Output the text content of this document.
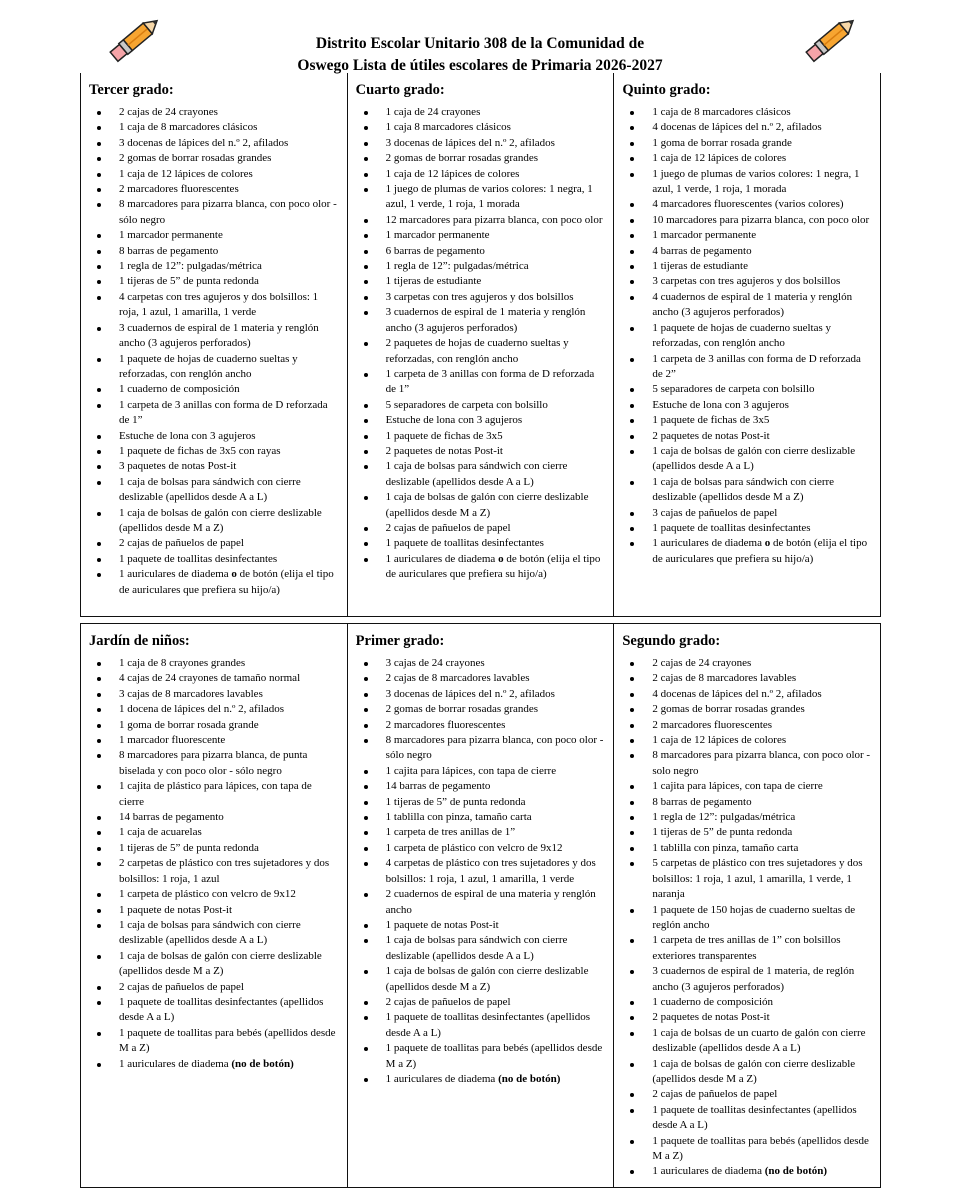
Distrito Escolar Unitario 308 de la Comunidad de
Oswego Lista de útiles escolares de Primaria 2026-2027
Tercer grado:
2 cajas de 24 crayones
1 caja de 8 marcadores clásicos
3 docenas de lápices del n.º 2, afilados
2 gomas de borrar rosadas grandes
1 caja de 12 lápices de colores
2 marcadores fluorescentes
8 marcadores para pizarra blanca, con poco olor - sólo negro
1 marcador permanente
8 barras de pegamento
1 regla de 12”: pulgadas/métrica
1 tijeras de 5” de punta redonda
4 carpetas con tres agujeros y dos bolsillos: 1 roja, 1 azul, 1 amarilla, 1 verde
3 cuadernos de espiral de 1 materia y renglón ancho (3 agujeros perforados)
1 paquete de hojas de cuaderno sueltas y reforzadas, con renglón ancho
1 cuaderno de composición
1 carpeta de 3 anillas con forma de D reforzada de 1”
Estuche de lona con 3 agujeros
1 paquete de fichas de 3x5 con rayas
3 paquetes de notas Post-it
1 caja de bolsas para sándwich con cierre deslizable (apellidos desde A a L)
1 caja de bolsas de galón con cierre deslizable (apellidos desde M a Z)
2 cajas de pañuelos de papel
1 paquete de toallitas desinfectantes
1 auriculares de diadema o de botón (elija el tipo de auriculares que prefiera su hijo/a)
Cuarto grado:
1 caja de 24 crayones
1 caja 8 marcadores clásicos
3 docenas de lápices del n.º 2, afilados
2 gomas de borrar rosadas grandes
1 caja de 12 lápices de colores
1 juego de plumas de varios colores: 1 negra, 1 azul, 1 verde, 1 roja, 1 morada
12 marcadores para pizarra blanca, con poco olor
1 marcador permanente
6 barras de pegamento
1 regla de 12”: pulgadas/métrica
1 tijeras de estudiante
3 carpetas con tres agujeros y dos bolsillos
3 cuadernos de espiral de 1 materia y renglón ancho (3 agujeros perforados)
2 paquetes de hojas de cuaderno sueltas y reforzadas, con renglón ancho
1 carpeta de 3 anillas con forma de D reforzada de 1”
5 separadores de carpeta con bolsillo
Estuche de lona con 3 agujeros
1 paquete de fichas de 3x5
2 paquetes de notas Post-it
1 caja de bolsas para sándwich con cierre deslizable (apellidos desde A a L)
1 caja de bolsas de galón con cierre deslizable (apellidos desde M a Z)
2 cajas de pañuelos de papel
1 paquete de toallitas desinfectantes
1 auriculares de diadema o de botón (elija el tipo de auriculares que prefiera su hijo/a)
Quinto grado:
1 caja de 8 marcadores clásicos
4 docenas de lápices del n.º 2, afilados
1 goma de borrar rosada grande
1 caja de 12 lápices de colores
1 juego de plumas de varios colores: 1 negra, 1 azul, 1 verde, 1 roja, 1 morada
4 marcadores fluorescentes (varios colores)
10 marcadores para pizarra blanca, con poco olor
1 marcador permanente
4 barras de pegamento
1 tijeras de estudiante
3 carpetas con tres agujeros y dos bolsillos
4 cuadernos de espiral de 1 materia y renglón ancho (3 agujeros perforados)
1 paquete de hojas de cuaderno sueltas y reforzadas, con renglón ancho
1 carpeta de 3 anillas con forma de D reforzada de 2”
5 separadores de carpeta con bolsillo
Estuche de lona con 3 agujeros
1 paquete de fichas de 3x5
2 paquetes de notas Post-it
1 caja de bolsas de galón con cierre deslizable (apellidos desde A a L)
1 caja de bolsas para sándwich con cierre deslizable (apellidos desde M a Z)
3 cajas de pañuelos de papel
1 paquete de toallitas desinfectantes
1 auriculares de diadema o de botón (elija el tipo de auriculares que prefiera su hijo/a)
Jardín de niños:
1 caja de 8 crayones grandes
4 cajas de 24 crayones de tamaño normal
3 cajas de 8 marcadores lavables
1 docena de lápices del n.º 2, afilados
1 goma de borrar rosada grande
1 marcador fluorescente
8 marcadores para pizarra blanca, de punta biselada y con poco olor - sólo negro
1 cajita de plástico para lápices, con tapa de cierre
14 barras de pegamento
1 caja de acuarelas
1 tijeras de 5” de punta redonda
2 carpetas de plástico con tres sujetadores y dos bolsillos: 1 roja, 1 azul
1 carpeta de plástico con velcro de 9x12
1 paquete de notas Post-it
1 caja de bolsas para sándwich con cierre deslizable (apellidos desde A a L)
1 caja de bolsas de galón con cierre deslizable (apellidos desde M a Z)
2 cajas de pañuelos de papel
1 paquete de toallitas desinfectantes (apellidos desde A a L)
1 paquete de toallitas para bebés (apellidos desde M a Z)
1 auriculares de diadema (no de botón)
Primer grado:
3 cajas de 24 crayones
2 cajas de 8 marcadores lavables
3 docenas de lápices del n.º 2, afilados
2 gomas de borrar rosadas grandes
2 marcadores fluorescentes
8 marcadores para pizarra blanca, con poco olor - sólo negro
1 cajita para lápices, con tapa de cierre
14 barras de pegamento
1 tijeras de 5” de punta redonda
1 tablilla con pinza, tamaño carta
1 carpeta de tres anillas de 1”
1 carpeta de plástico con velcro de 9x12
4 carpetas de plástico con tres sujetadores y dos bolsillos: 1 roja, 1 azul, 1 amarilla, 1 verde
2 cuadernos de espiral de una materia y renglón ancho
1 paquete de notas Post-it
1 caja de bolsas para sándwich con cierre deslizable (apellidos desde A a L)
1 caja de bolsas de galón con cierre deslizable (apellidos desde M a Z)
2 cajas de pañuelos de papel
1 paquete de toallitas desinfectantes (apellidos desde A a L)
1 paquete de toallitas para bebés (apellidos desde M a Z)
1 auriculares de diadema (no de botón)
Segundo grado:
2 cajas de 24 crayones
2 cajas de 8 marcadores lavables
4 docenas de lápices del n.º 2, afilados
2 gomas de borrar rosadas grandes
2 marcadores fluorescentes
1 caja de 12 lápices de colores
8 marcadores para pizarra blanca, con poco olor - solo negro
1 cajita para lápices, con tapa de cierre
8 barras de pegamento
1 regla de 12”: pulgadas/métrica
1 tijeras de 5” de punta redonda
1 tablilla con pinza, tamaño carta
5 carpetas de plástico con tres sujetadores y dos bolsillos: 1 roja, 1 azul, 1 amarilla, 1 verde, 1 naranja
1 paquete de 150 hojas de cuaderno sueltas de reglón ancho
1 carpeta de tres anillas de 1” con bolsillos exteriores transparentes
3 cuadernos de espiral de 1 materia, de reglón ancho (3 agujeros perforados)
1 cuaderno de composición
2 paquetes de notas Post-it
1 caja de bolsas de un cuarto de galón con cierre deslizable (apellidos desde A a L)
1 caja de bolsas de galón con cierre deslizable (apellidos desde M a Z)
2 cajas de pañuelos de papel
1 paquete de toallitas desinfectantes (apellidos desde A a L)
1 paquete de toallitas para bebés (apellidos desde M a Z)
1 auriculares de diadema (no de botón)
